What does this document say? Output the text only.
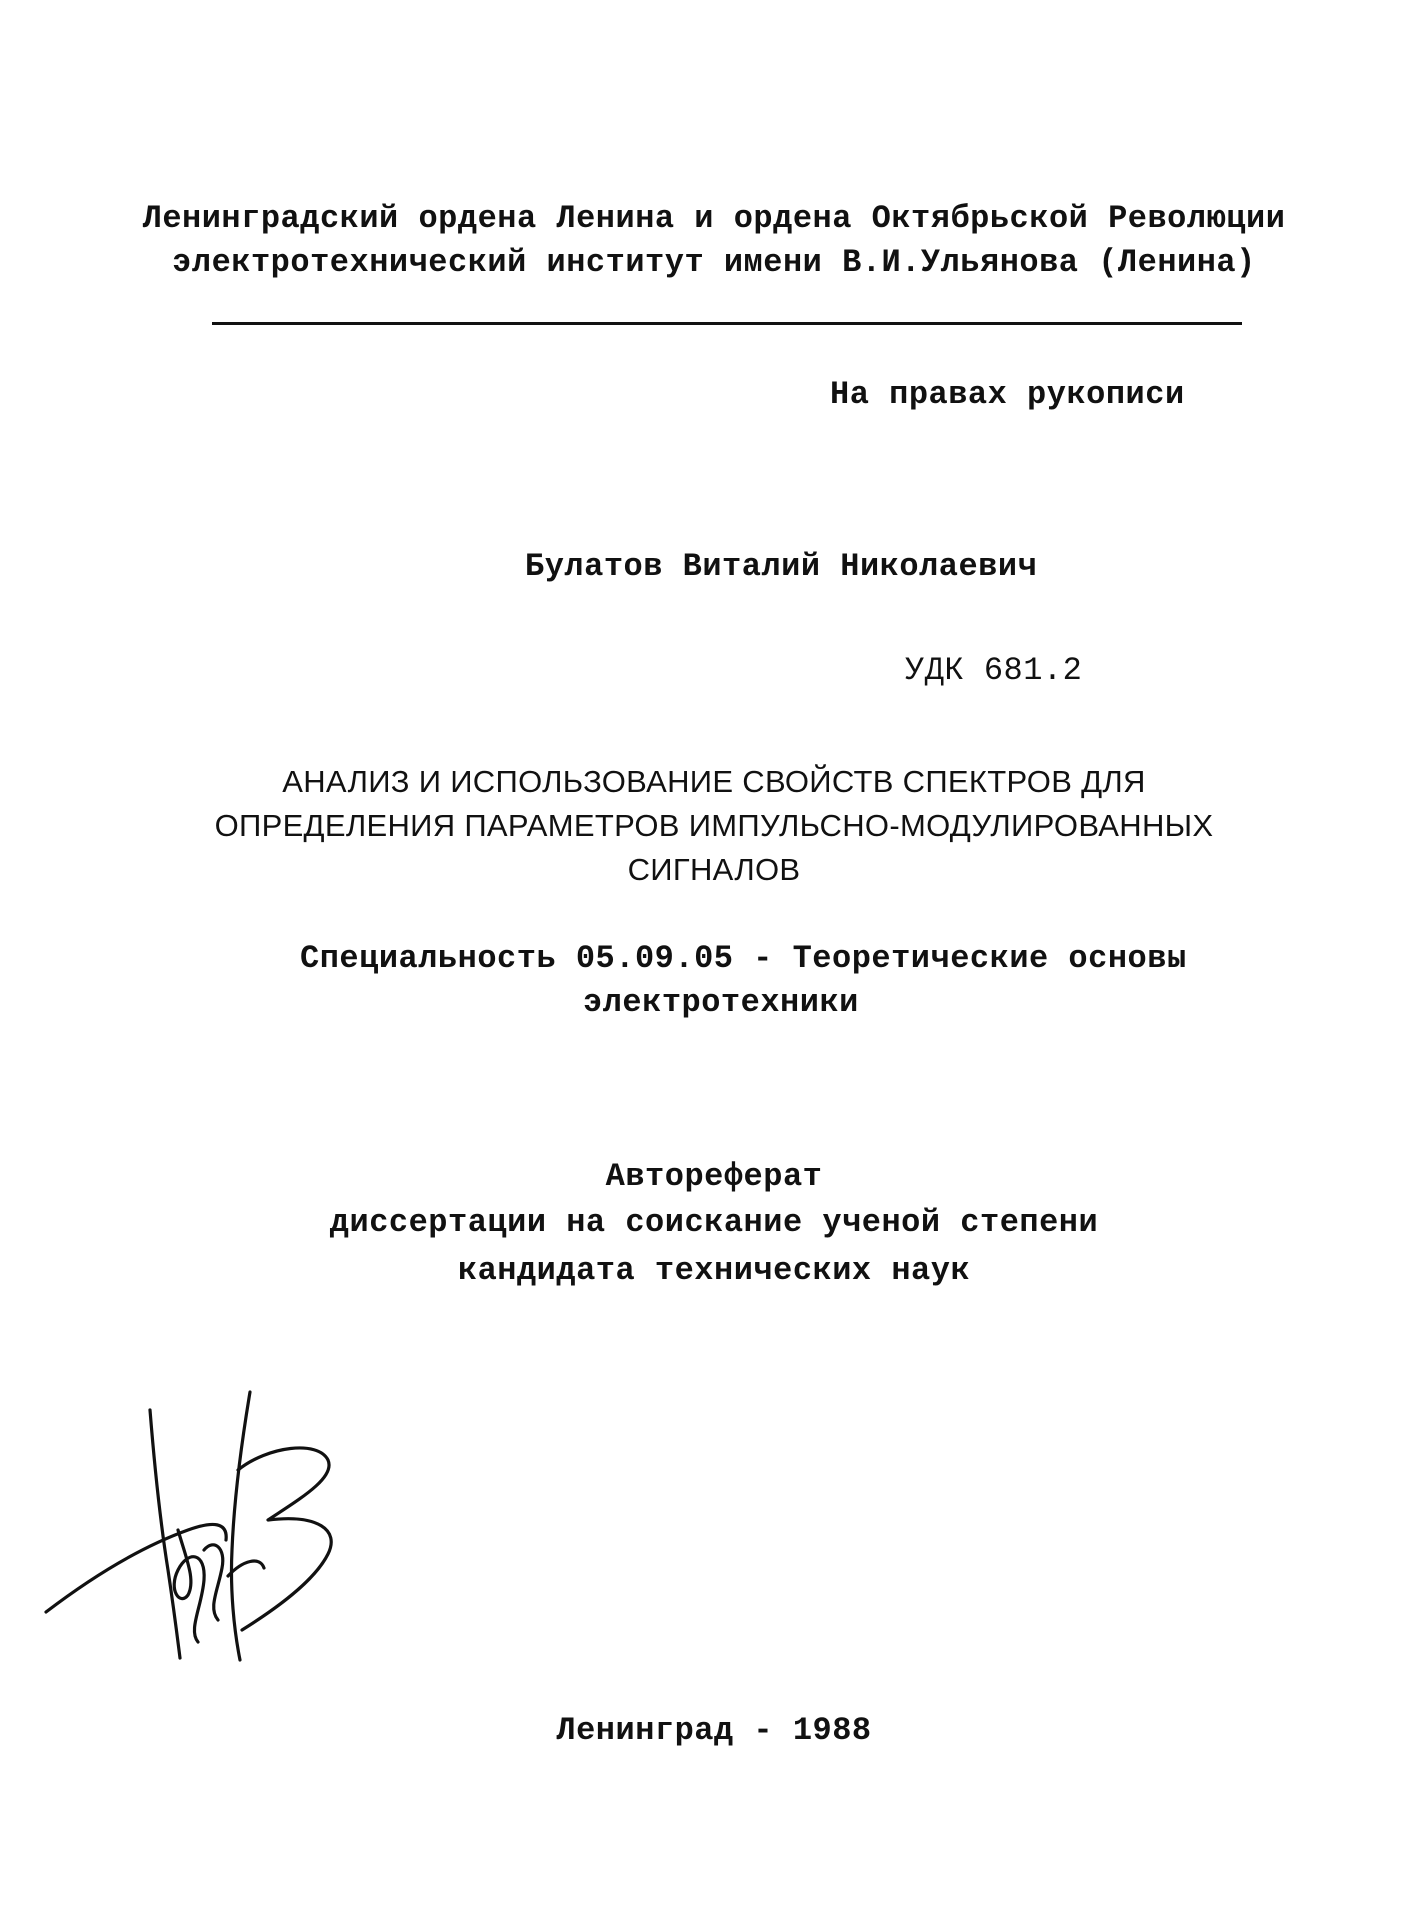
Ленинградский ордена Ленина и ордена Октябрьской Революции
электротехнический институт имени В.И.Ульянова (Ленина)
На правах рукописи
Булатов Виталий Николаевич
УДК 681.2
АНАЛИЗ И ИСПОЛЬЗОВАНИЕ СВОЙСТВ СПЕКТРОВ ДЛЯ
ОПРЕДЕЛЕНИЯ ПАРАМЕТРОВ ИМПУЛЬСНО-МОДУЛИРОВАННЫХ
СИГНАЛОВ
Специальность 05.09.05 - Теоретические основы
электротехники
Автореферат
диссертации на соискание ученой степени
кандидата технических наук
Ленинград - 1988
